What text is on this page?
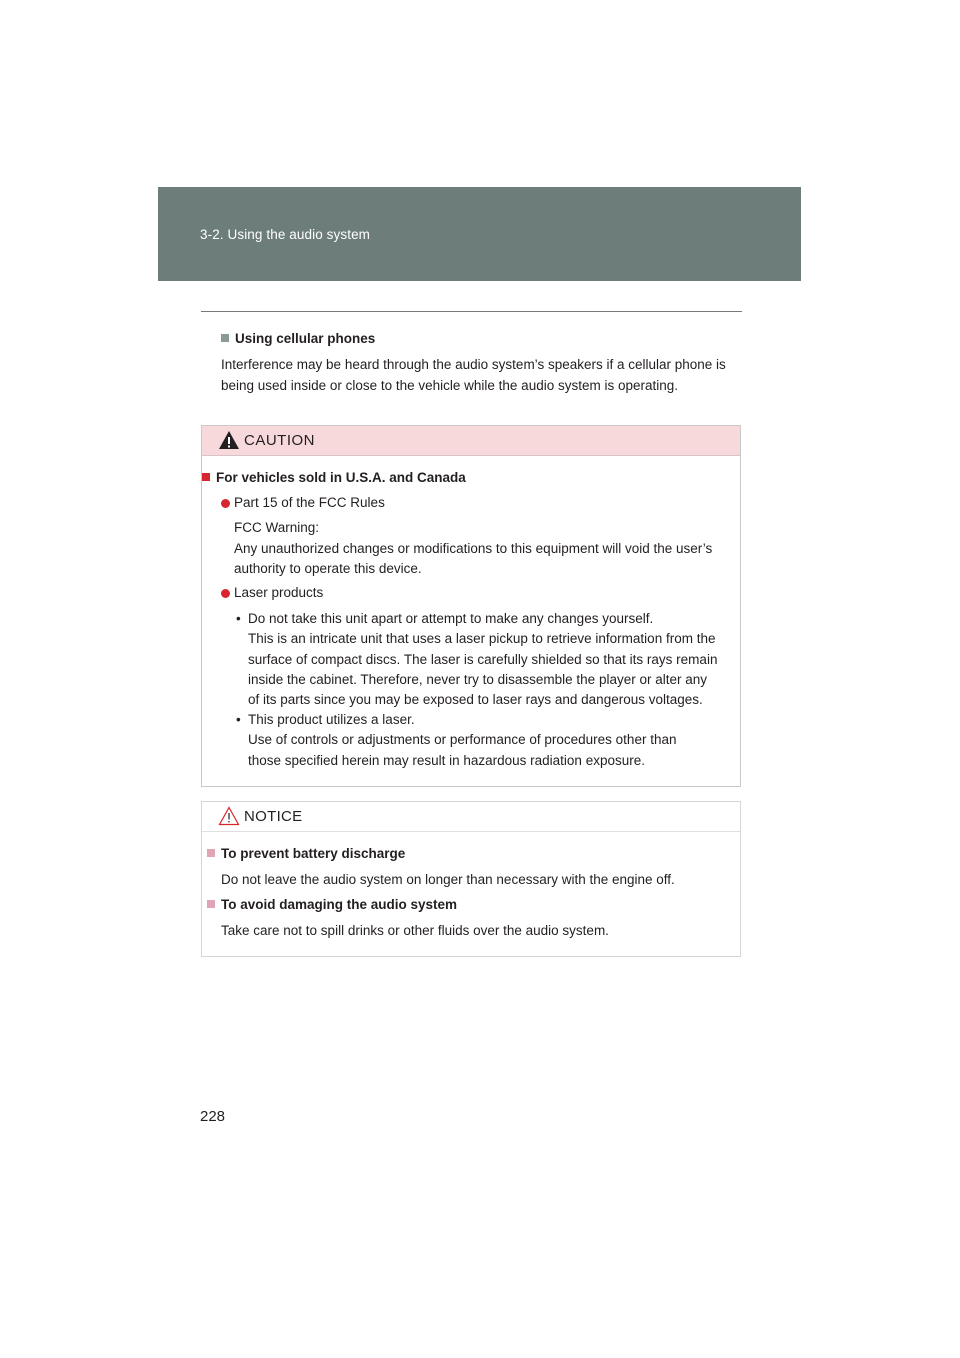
3-2. Using the audio system
Using cellular phones
Interference may be heard through the audio system’s speakers if a cellular phone is
being used inside or close to the vehicle while the audio system is operating.
CAUTION
For vehicles sold in U.S.A. and Canada
Part 15 of the FCC Rules
FCC Warning:
Any unauthorized changes or modifications to this equipment will void the user’s
authority to operate this device.
Laser products
• Do not take this unit apart or attempt to make any changes yourself.
This is an intricate unit that uses a laser pickup to retrieve information from the
surface of compact discs. The laser is carefully shielded so that its rays remain
inside the cabinet. Therefore, never try to disassemble the player or alter any
of its parts since you may be exposed to laser rays and dangerous voltages.
• This product utilizes a laser.
Use of controls or adjustments or performance of procedures other than
those specified herein may result in hazardous radiation exposure.
NOTICE
To prevent battery discharge
Do not leave the audio system on longer than necessary with the engine off.
To avoid damaging the audio system
Take care not to spill drinks or other fluids over the audio system.
228
